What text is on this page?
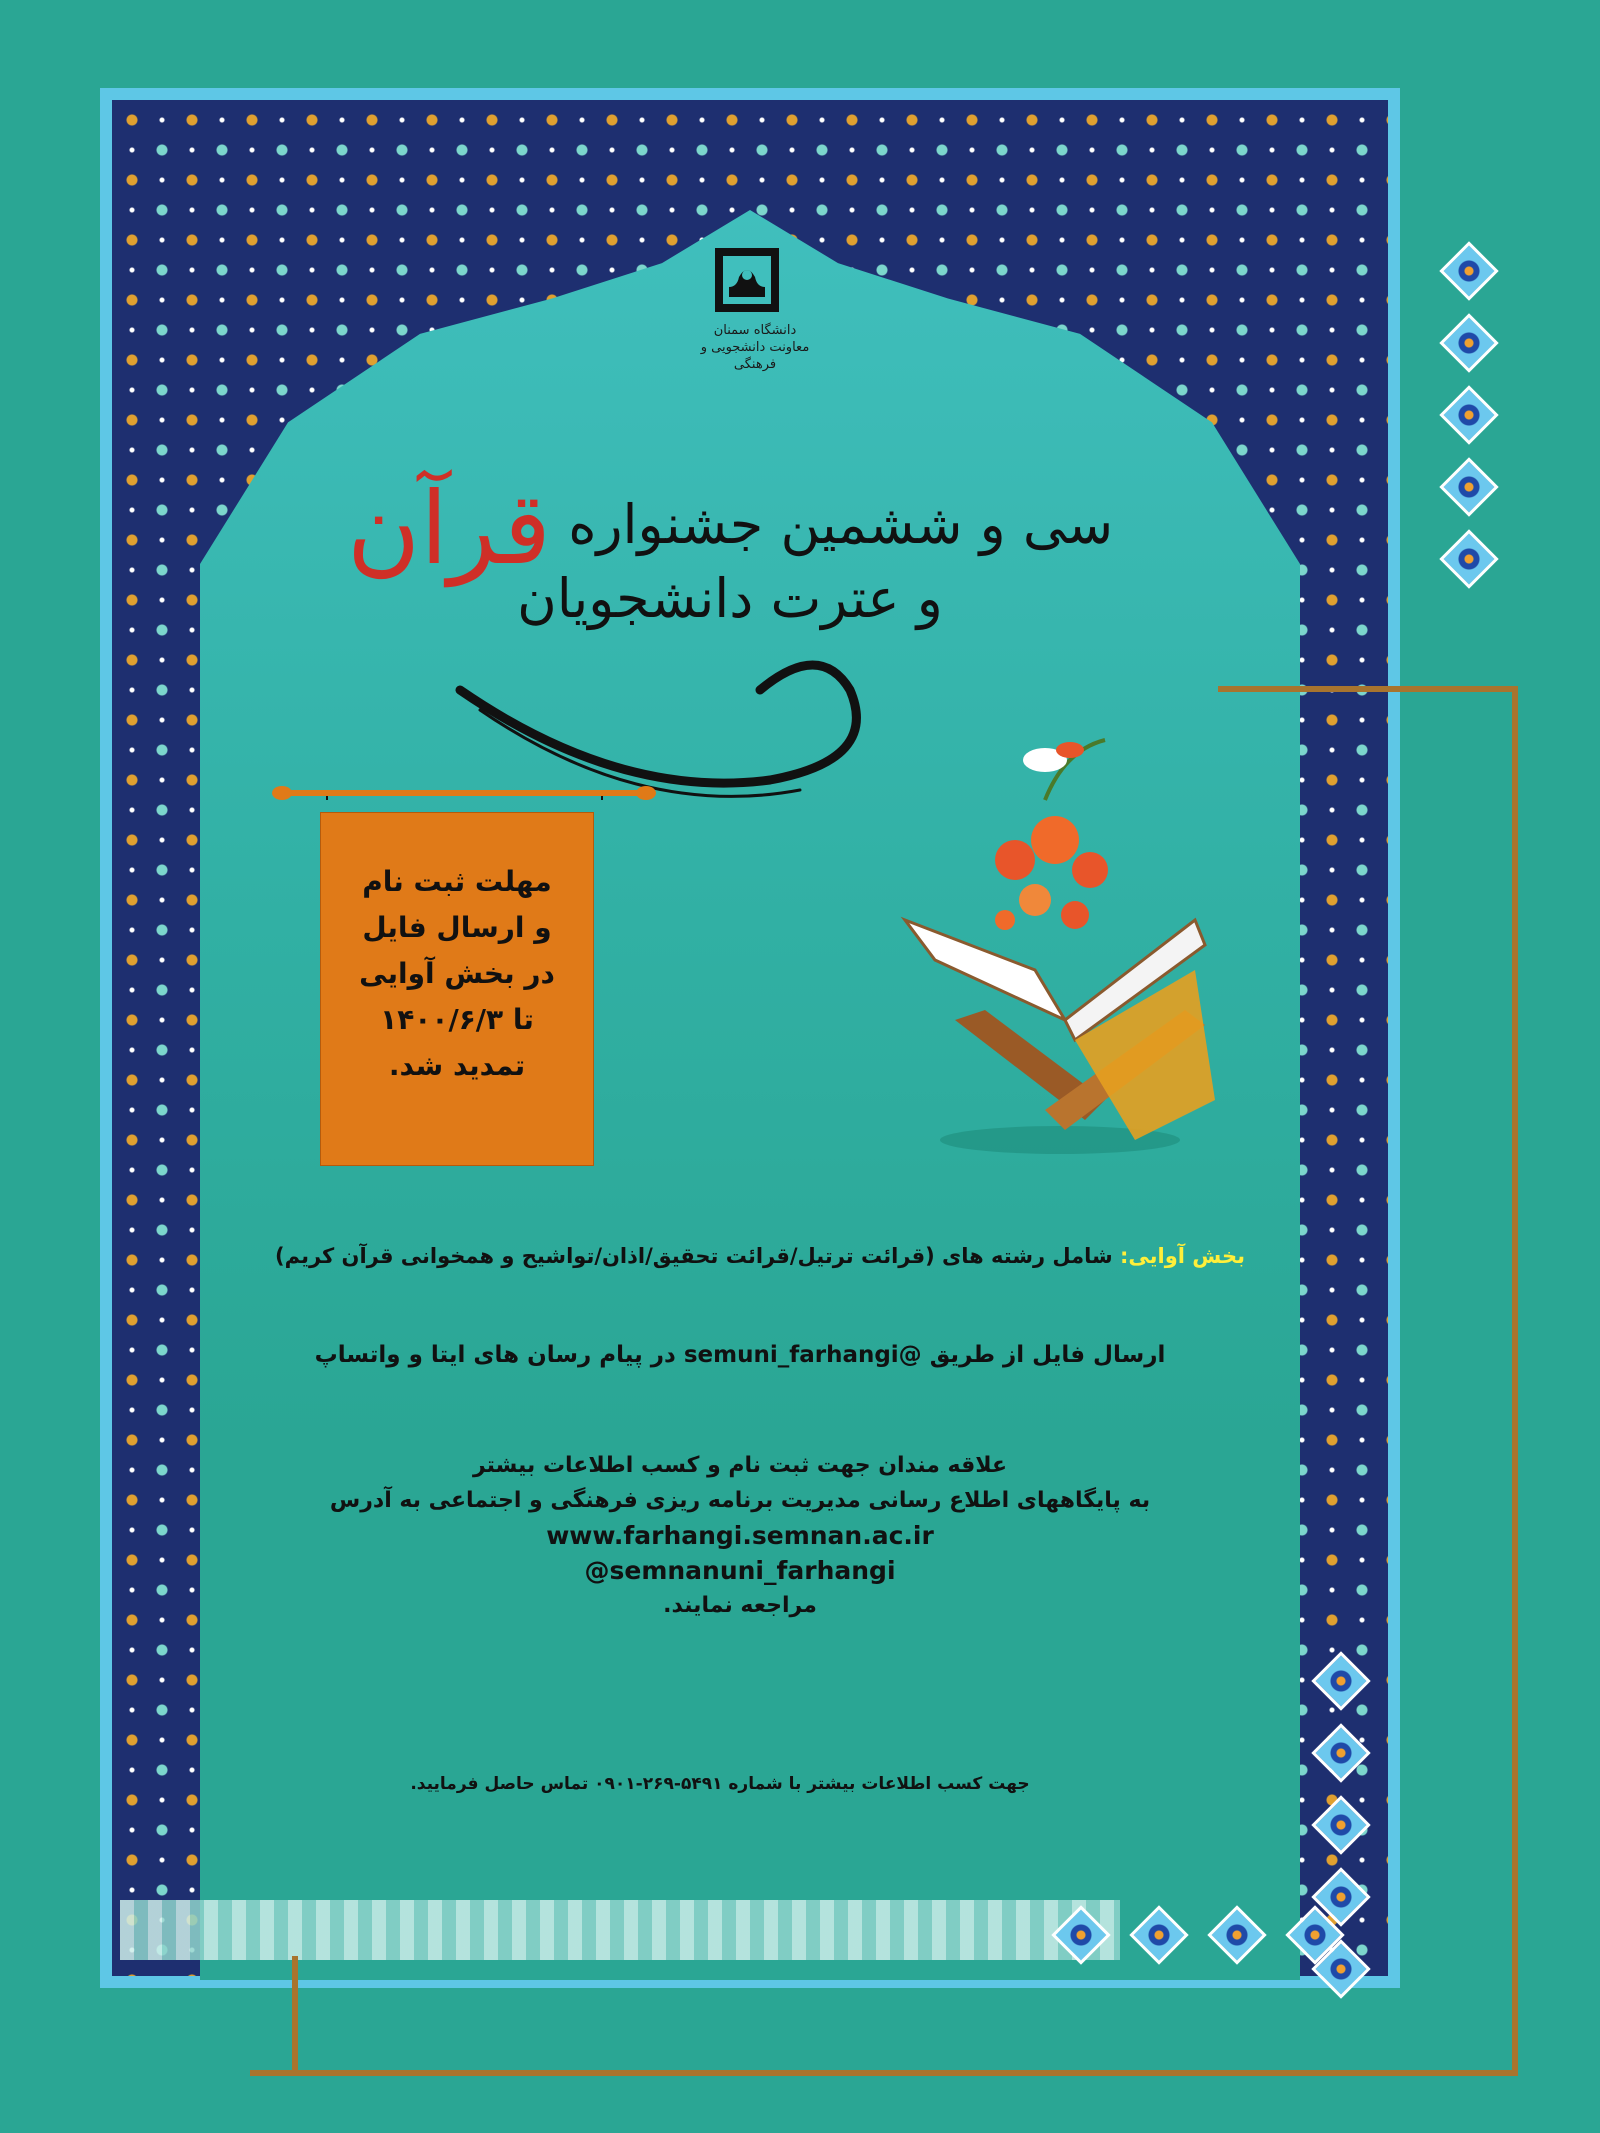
دانشگاه سمنان
معاونت دانشجویی و فرهنگی
سی و ششمین جشنواره قرآن و عترت دانشجویان
مهلت ثبت نام
و ارسال فایل
در بخش آوایی
تا ۱۴۰۰/۶/۳
تمدید شد.
بخش آوایی: شامل رشته های (قرائت ترتیل/قرائت تحقیق/اذان/تواشیح و همخوانی قرآن کریم)
ارسال فایل از طریق semuni_farhangi@ در پیام رسان های ایتا و واتساپ
علاقه مندان جهت ثبت نام و کسب اطلاعات بیشتر
به پایگاههای اطلاع رسانی مدیریت برنامه ریزی فرهنگی و اجتماعی به آدرس
www.farhangi.semnan.ac.ir
@semnanuni_farhangi
مراجعه نمایند.
جهت کسب اطلاعات بیشتر با شماره ۵۴۹۱-۲۶۹-۰۹۰۱ تماس حاصل فرمایید.
